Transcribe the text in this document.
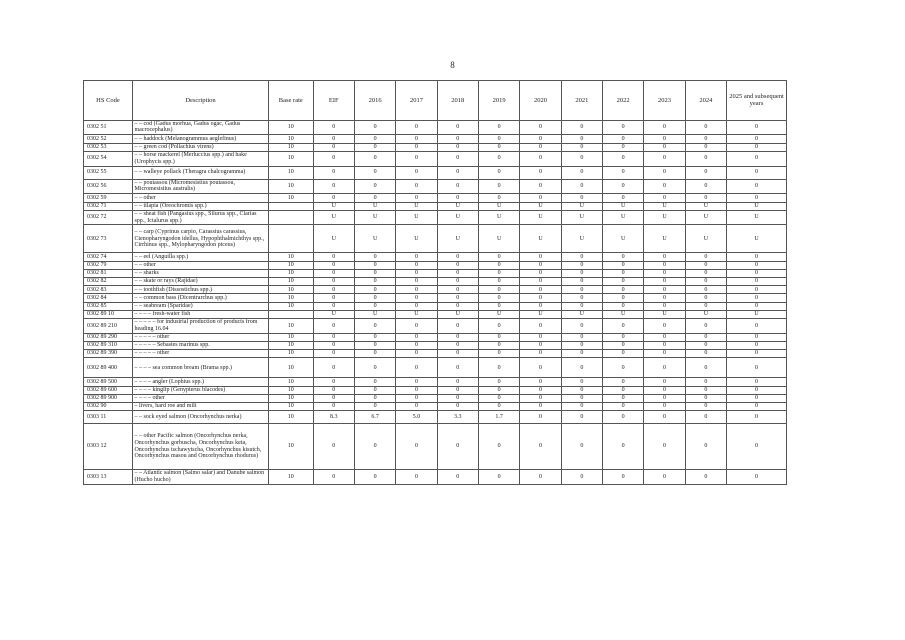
8
HS Code	Description	Base rate	EIF	2016	2017	2018	2019	2020	2021	2022	2023	2024	2025 and subsequent years
0302 51	– – cod (Gadus morhua, Gadus ogac, Gadus macrocephalus)	10	0	0	0	0	0	0	0	0	0	0	0
0302 52	– – haddock (Melanogrammus aeglefinus)	10	0	0	0	0	0	0	0	0	0	0	0
0302 53	– – green cod (Pollachius virens)	10	0	0	0	0	0	0	0	0	0	0	0
0302 54	– – horse mackerel (Merluccius spp.) and hake (Urophycis spp.)	10	0	0	0	0	0	0	0	0	0	0	0
0302 55	– – walleye pollack (Theragra chalcogramma)	10	0	0	0	0	0	0	0	0	0	0	0
0302 56	– – poutassou (Micromesistius poutassou, Micromesistius australis)	10	0	0	0	0	0	0	0	0	0	0	0
0302 59	– – other	10	0	0	0	0	0	0	0	0	0	0	0
0302 71	– – tilapia (Oreochromis spp.)		U	U	U	U	U	U	U	U	U	U	U
0302 72	– – sheat fish (Pangasius spp., Silurus spp., Clarias spp., Ictalurus spp.)		U	U	U	U	U	U	U	U	U	U	U
0302 73	– – carp (Cyprinus carpio, Carassius carassius, Ctenopharyngodon idellus, Hypophthalmichthys spp., Cirrhinus spp., Mylopharyngodon piceus)		U	U	U	U	U	U	U	U	U	U	U
0302 74	– – eel (Anguilla spp.)	10	0	0	0	0	0	0	0	0	0	0	0
0302 79	– – other	10	0	0	0	0	0	0	0	0	0	0	0
0302 81	– – sharks	10	0	0	0	0	0	0	0	0	0	0	0
0302 82	– – skate or rays (Rajidae)	10	0	0	0	0	0	0	0	0	0	0	0
0302 83	– – toothfish (Dissostichus spp.)	10	0	0	0	0	0	0	0	0	0	0	0
0302 84	– – common bass (Dicentrarchus spp.)	10	0	0	0	0	0	0	0	0	0	0	0
0302 85	– – seabream (Sparidae)	10	0	0	0	0	0	0	0	0	0	0	0
0302 89 10	– – – – fresh-water fish		U	U	U	U	U	U	U	U	U	U	U
0302 89 210	– – – – – for industrial production of products from heading 16.04	10	0	0	0	0	0	0	0	0	0	0	0
0302 89 290	– – – – – other	10	0	0	0	0	0	0	0	0	0	0	0
0302 89 310	– – – – – Sebastes marinus spp.	10	0	0	0	0	0	0	0	0	0	0	0
0302 89 390	– – – – – other	10	0	0	0	0	0	0	0	0	0	0	0
0302 89 400	– – – – sea common bream (Brama spp.)	10	0	0	0	0	0	0	0	0	0	0	0
0302 89 500	– – – – angler (Lophius spp.)	10	0	0	0	0	0	0	0	0	0	0	0
0302 89 600	– – – – kinglip (Genypterus blacodes)	10	0	0	0	0	0	0	0	0	0	0	0
0302 89 900	– – – – other	10	0	0	0	0	0	0	0	0	0	0	0
0302 90	– livers, hard roe and milt	10	0	0	0	0	0	0	0	0	0	0	0
0303 11	– – sock eyed salmon (Oncorhynchus nerka)	10	8.3	6.7	5.0	3.3	1.7	0	0	0	0	0	0
0303 12	– – other Pacific salmon (Oncorhynchus nerka, Oncorhynchus gorbuscha, Oncorhynchus keta, Oncorhynchus tschawytscha, Oncorhynchus kisutch, Oncorhynchus masou and Oncorhynchus rhodurus)	10	0	0	0	0	0	0	0	0	0	0	0
0303 13	– – Atlantic salmon (Salmo salar) and Danube salmon (Hucho hucho)	10	0	0	0	0	0	0	0	0	0	0	0
